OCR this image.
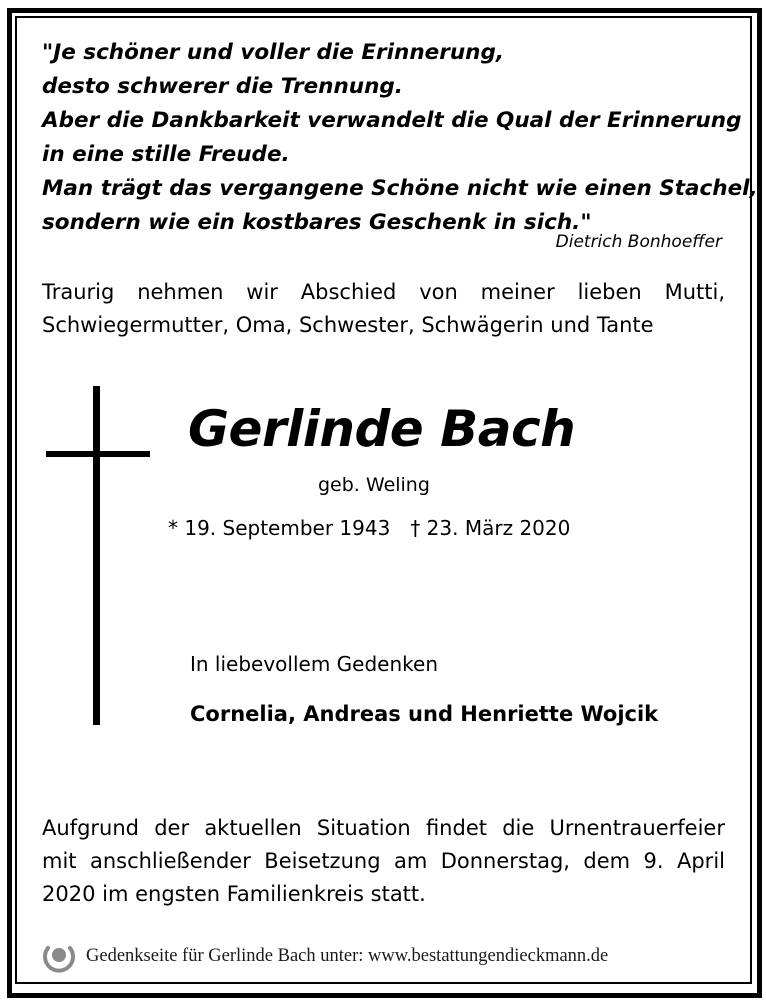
"Je schöner und voller die Erinnerung,
desto schwerer die Trennung.
Aber die Dankbarkeit verwandelt die Qual der Erinnerung
in eine stille Freude.
Man trägt das vergangene Schöne nicht wie einen Stachel,
sondern wie ein kostbares Geschenk in sich."
Dietrich Bonhoeffer
Traurig nehmen wir Abschied von meiner lieben Mutti,
Schwiegermutter, Oma, Schwester, Schwägerin und Tante
Gerlinde Bach
geb. Weling
* 19. September 1943 † 23. März 2020
In liebevollem Gedenken
Cornelia, Andreas und Henriette Wojcik
Aufgrund der aktuellen Situation findet die Urnentrauerfeier
mit anschließender Beisetzung am Donnerstag, dem 9. April
2020 im engsten Familienkreis statt.
Gedenkseite für Gerlinde Bach unter: www.bestattungendieckmann.de
